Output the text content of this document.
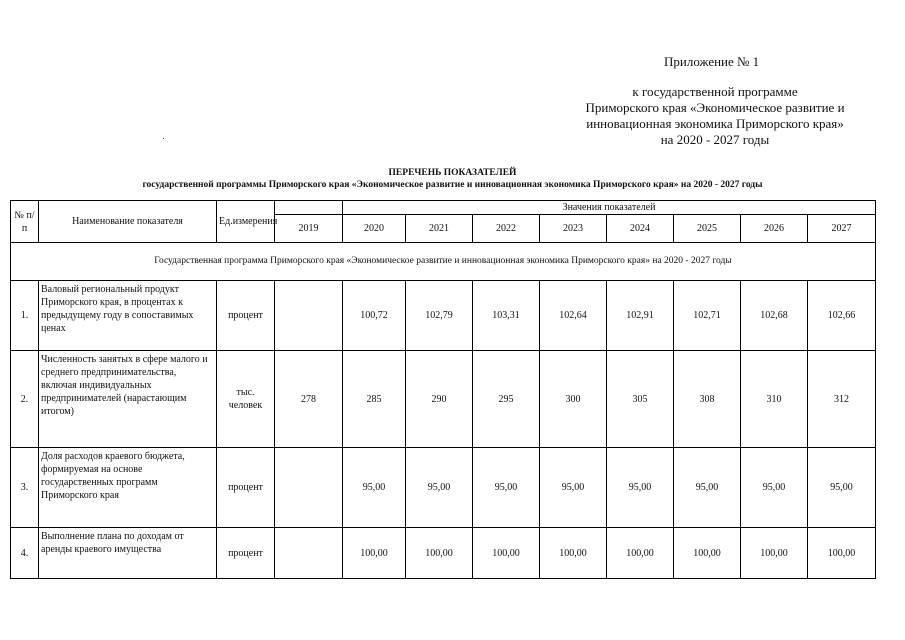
Приложение № 1
к государственной программе
Приморского края «Экономическое развитие и
инновационная экономика Приморского края»
на 2020 - 2027 годы
ПЕРЕЧЕНЬ ПОКАЗАТЕЛЕЙ
государственной программы Приморского края «Экономическое развитие и инновационная экономика Приморского края» на 2020 - 2027 годы
№ п/п	Наименование показателя	Ед.измерения		Значения показателей							
			2019	2020	2021	2022	2023	2024	2025	2026	2027
Государственная программа Приморского края «Экономическое развитие и инновационная экономика Приморского края» на 2020 - 2027 годы											
1.	Валовый региональный продукт Приморского края, в процентах к предыдущему году в сопоставимых ценах	процент		100,72	102,79	103,31	102,64	102,91	102,71	102,68	102,66
2.	Численность занятых в сфере малого и среднего предпринимательства, включая индивидуальных предпринимателей (нарастающим итогом)	тыс. человек	278	285	290	295	300	305	308	310	312
3.	Доля расходов краевого бюджета, формируемая на основе государственных программ Приморского края	процент		95,00	95,00	95,00	95,00	95,00	95,00	95,00	95,00
4.	Выполнение плана по доходам от аренды краевого имущества	процент		100,00	100,00	100,00	100,00	100,00	100,00	100,00	100,00
